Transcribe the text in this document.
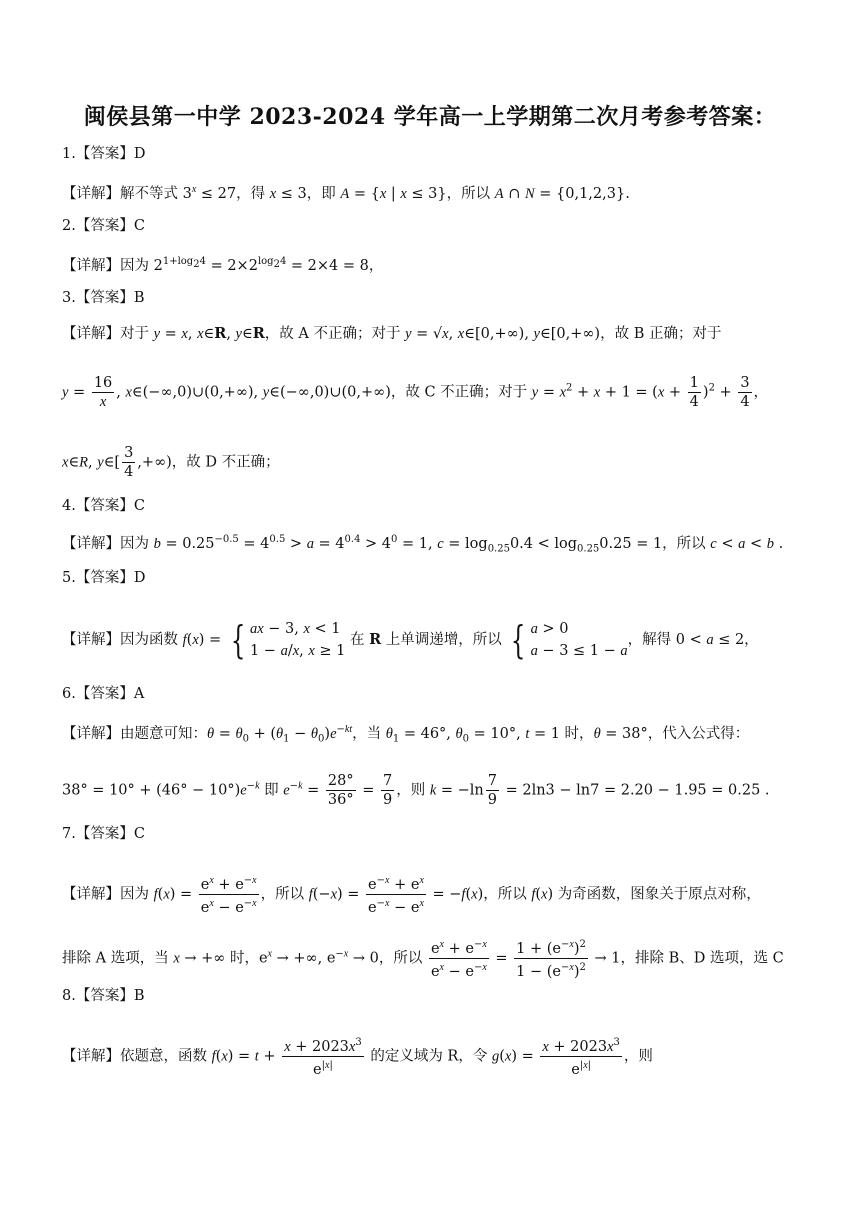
闽侯县第一中学 2023-2024 学年高一上学期第二次月考参考答案：
1.【答案】D
【详解】解不等式 $3^x \le 27$，得 x ≤ 3，即 A = {x | x ≤ 3}，所以 A ∩ N = {0,1,2,3}.
2.【答案】C
【详解】因为 $2^{1+log_24} = 2\times 2^{log_24} = 2\times 4 = 8$，
3.【答案】B
【详解】对于 y = x, x∈R, y∈R，故 A 不正确；对于 y = √x, x∈[0,+∞), y∈[0,+∞)，故 B 正确；对于
$y = \frac{16}{x}$ , x∈(−∞,0)∪(0,+∞), y∈(−∞,0)∪(0,+∞)，故 C 不正确；对于 $y = x^2 + x + 1 = (x + \frac{1}{4} )^2 + \frac{3}{4}$ ，
x∈R, y∈[ $\frac{3}{4}$ ,+∞)，故 D 不正确；
4.【答案】C
【详解】因为 $b = 0.25^{-0.5} = 4^{0.5} > a = 4^{0.4} > 4^0 = 1$, $c = \log_{0.25}0.4 < \log_{0.25}0.25 = 1$，所以 c < a < b .
5.【答案】D
【详解】因为函数 f(x) = { ax − 3, x < 1
1 − a/x, x ≥ 1 在 R 上单调递增，所以 { a > 0
a − 3 ≤ 1 − a，解得 0 < a ≤ 2，
6.【答案】A
【详解】由题意可知：$\theta = \theta_0 + (\theta_1 - \theta_0)e^{-kt}$，当 $\theta_1 = 46^\circ$, $\theta_0 = 10^\circ$, t = 1 时，θ = 38°，代入公式得：
$38^\circ = 10^\circ + (46^\circ - 10^\circ)e^{-k}$ 即 $e^{-k} = \frac{28^\circ}{36^\circ} = \frac{7}{9}$ ，则 $k = -\ln \frac{7}{9} = 2\ln 3 - \ln 7 = 2.20 - 1.95 = 0.25$ .
7.【答案】C
【详解】因为 $f(x) = \frac{e^x + e^{-x}}{e^x - e^{-x}}$ ，所以 $f(-x) = \frac{e^{-x} + e^x}{e^{-x} - e^x} = -f(x)$，所以 f(x) 为奇函数，图象关于原点对称，
排除 A 选项，当 x → +∞ 时，$e^x$ → +∞, $e^{-x} \to 0$，所以 $\frac{e^x + e^{-x}}{e^x - e^{-x}} = \frac{1 + (e^{-x})^2}{1 - (e^{-x})^2} \to 1$，排除 B、D 选项，选 C
8.【答案】B
【详解】依题意，函数 $f(x) = t + \frac{x + 2023x^3}{e^{|x|}}$ 的定义域为 R，令 $g(x) = \frac{x + 2023x^3}{e^{|x|}}$ ，则
